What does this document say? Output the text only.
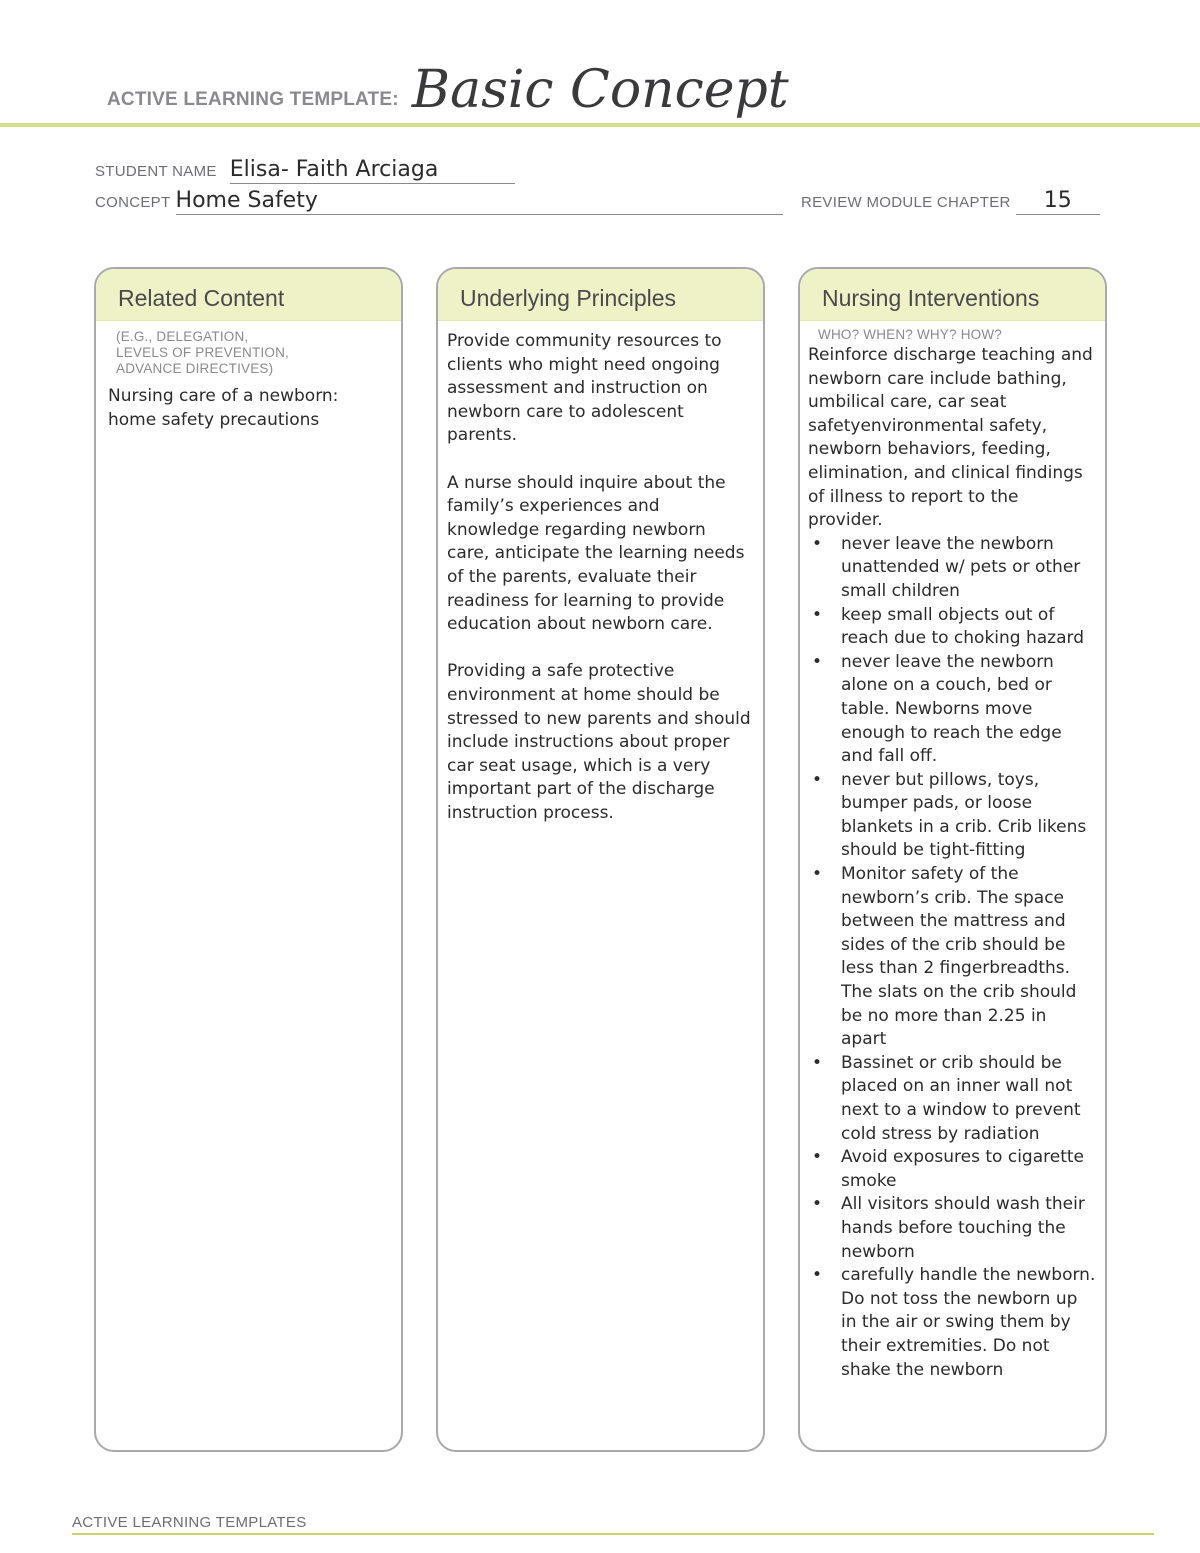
ACTIVE LEARNING TEMPLATE: Basic Concept
STUDENT NAME Elisa- Faith Arciaga
CONCEPT Home Safety	REVIEW MODULE CHAPTER 15
Related Content
(E.G., DELEGATION,
LEVELS OF PREVENTION,
ADVANCE DIRECTIVES)
Nursing care of a newborn: home safety precautions
Underlying Principles

Provide community resources to clients who might need ongoing assessment and instruction on newborn care to adolescent parents.

A nurse should inquire about the family’s experiences and knowledge regarding newborn care, anticipate the learning needs of the parents, evaluate their readiness for learning to provide education about newborn care.

Providing a safe protective environment at home should be stressed to new parents and should include instructions about proper car seat usage, which is a very important part of the discharge instruction process.

Nursing Interventions
WHO? WHEN? WHY? HOW?
Reinforce discharge teaching and newborn care include bathing, umbilical care, car seat safetyenvironmental safety, newborn behaviors, feeding, elimination, and clinical findings of illness to report to the provider.
• never leave the newborn unattended w/ pets or other small children
• keep small objects out of reach due to choking hazard
• never leave the newborn alone on a couch, bed or table. Newborns move enough to reach the edge and fall off.
• never but pillows, toys, bumper pads, or loose blankets in a crib. Crib likens should be tight-fitting
• Monitor safety of the newborn’s crib. The space between the mattress and sides of the crib should be less than 2 fingerbreadths. The slats on the crib should be no more than 2.25 in apart
• Bassinet or crib should be placed on an inner wall not next to a window to prevent cold stress by radiation
• Avoid exposures to cigarette smoke
• All visitors should wash their hands before touching the newborn
• carefully handle the newborn. Do not toss the newborn up in the air or swing them by their extremities. Do not shake the newborn
ACTIVE LEARNING TEMPLATES
